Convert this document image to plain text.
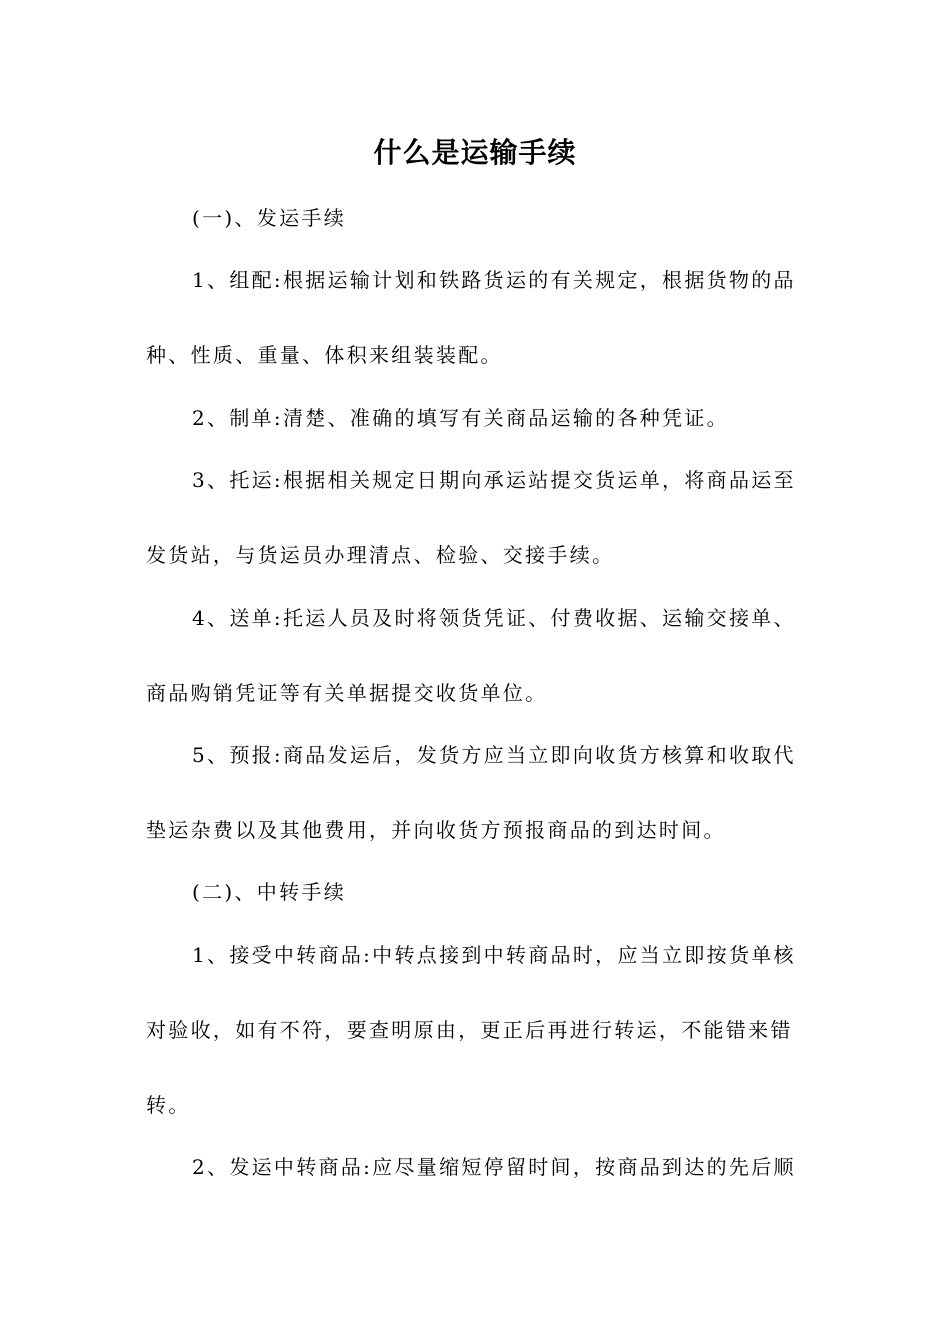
什么是运输手续
(一)、发运手续
1、组配:根据运输计划和铁路货运的有关规定，根据货物的品
种、性质、重量、体积来组装装配。
2、制单:清楚、准确的填写有关商品运输的各种凭证。
3、托运:根据相关规定日期向承运站提交货运单，将商品运至
发货站，与货运员办理清点、检验、交接手续。
4、送单:托运人员及时将领货凭证、付费收据、运输交接单、
商品购销凭证等有关单据提交收货单位。
5、预报:商品发运后，发货方应当立即向收货方核算和收取代
垫运杂费以及其他费用，并向收货方预报商品的到达时间。
(二)、中转手续
1、接受中转商品:中转点接到中转商品时，应当立即按货单核
对验收，如有不符，要查明原由，更正后再进行转运，不能错来错
转。
2、发运中转商品:应尽量缩短停留时间，按商品到达的先后顺
